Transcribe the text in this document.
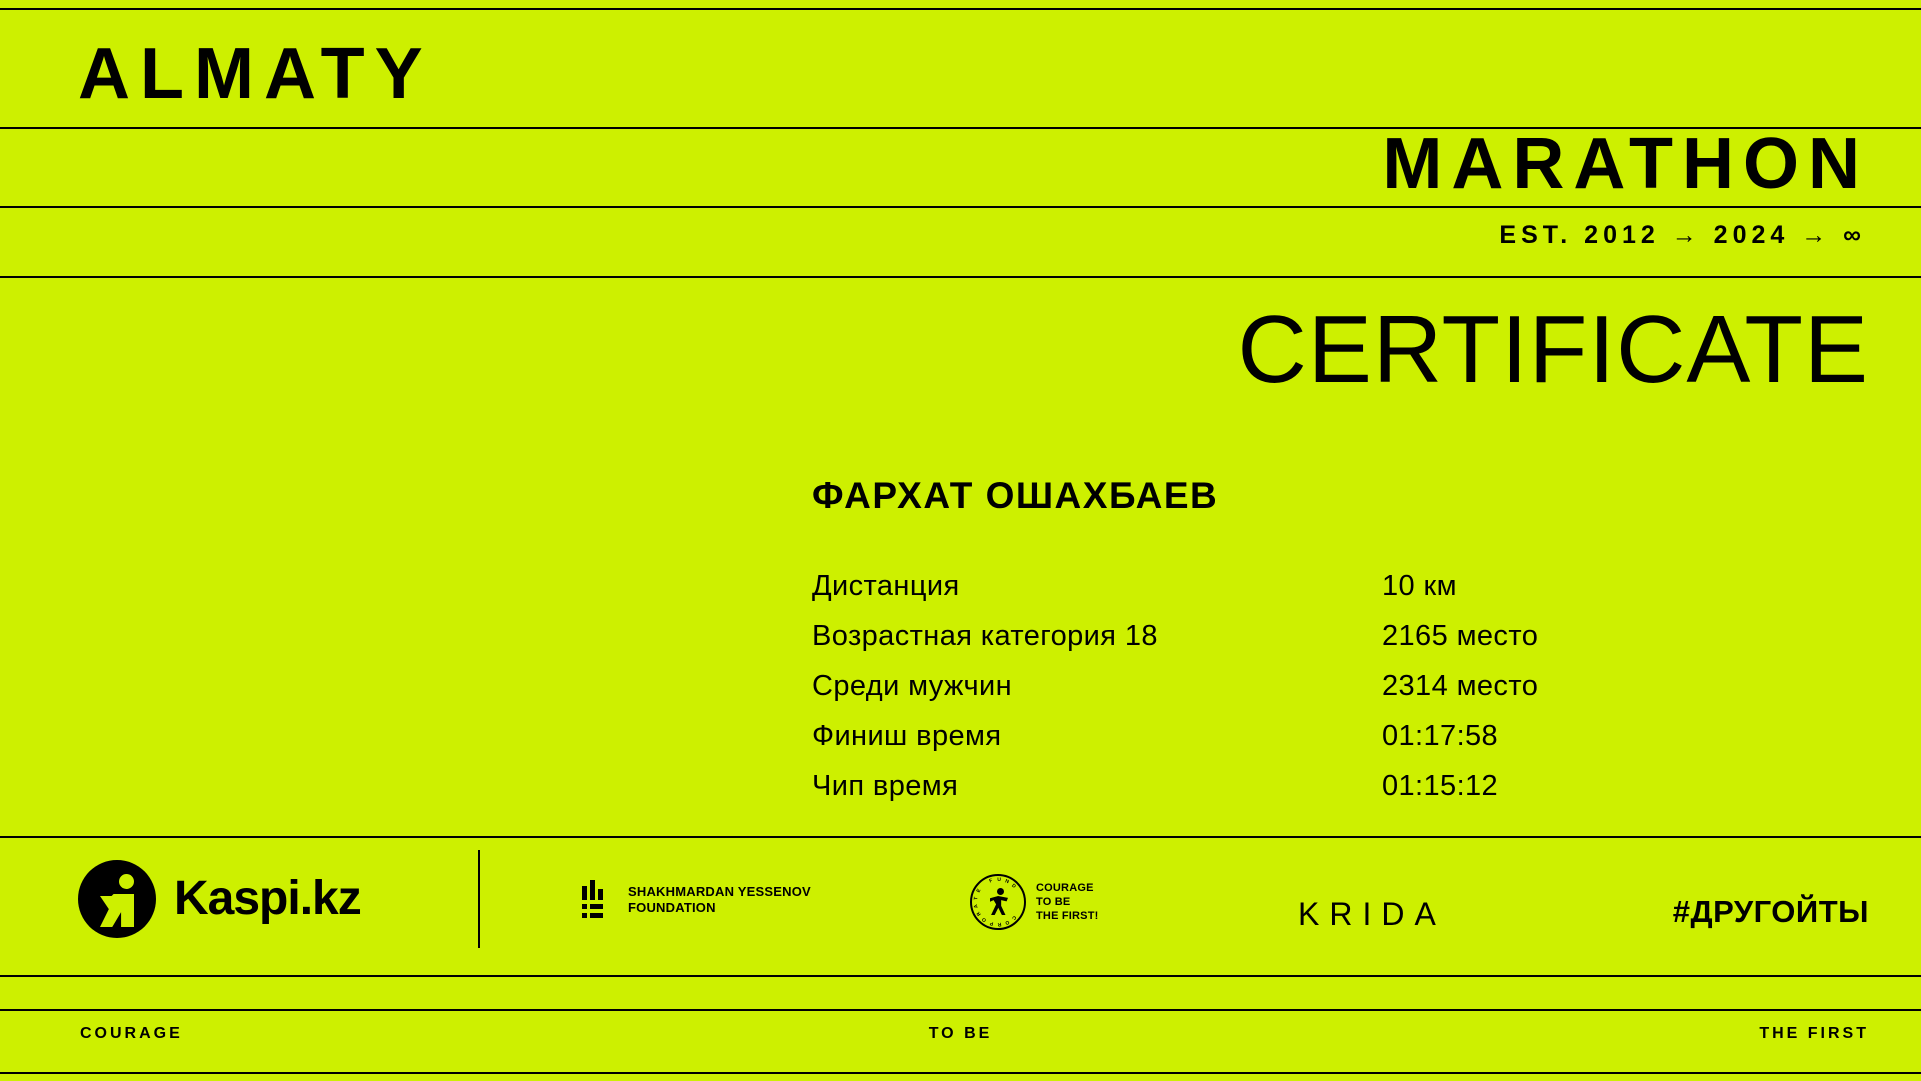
ALMATY
MARATHON
EST. 2012 → 2024 → ∞
CERTIFICATE
ФАРХАТ ОШАХБАЕВ
Дистанция	10 км
Возрастная категория 18	2165 место
Среди мужчин	2314 место
Финиш время	01:17:58
Чип время	01:15:12
Kaspi.kz	SHAKHMARDAN YESSENOV
FOUNDATION
C
O
R
P
O
R
A
T
E

F U N
D COURAGE
TO BE
THE FIRST!	KRIDA	#ДРУГОЙТЫ
COURAGE	TO BE	THE FIRST
